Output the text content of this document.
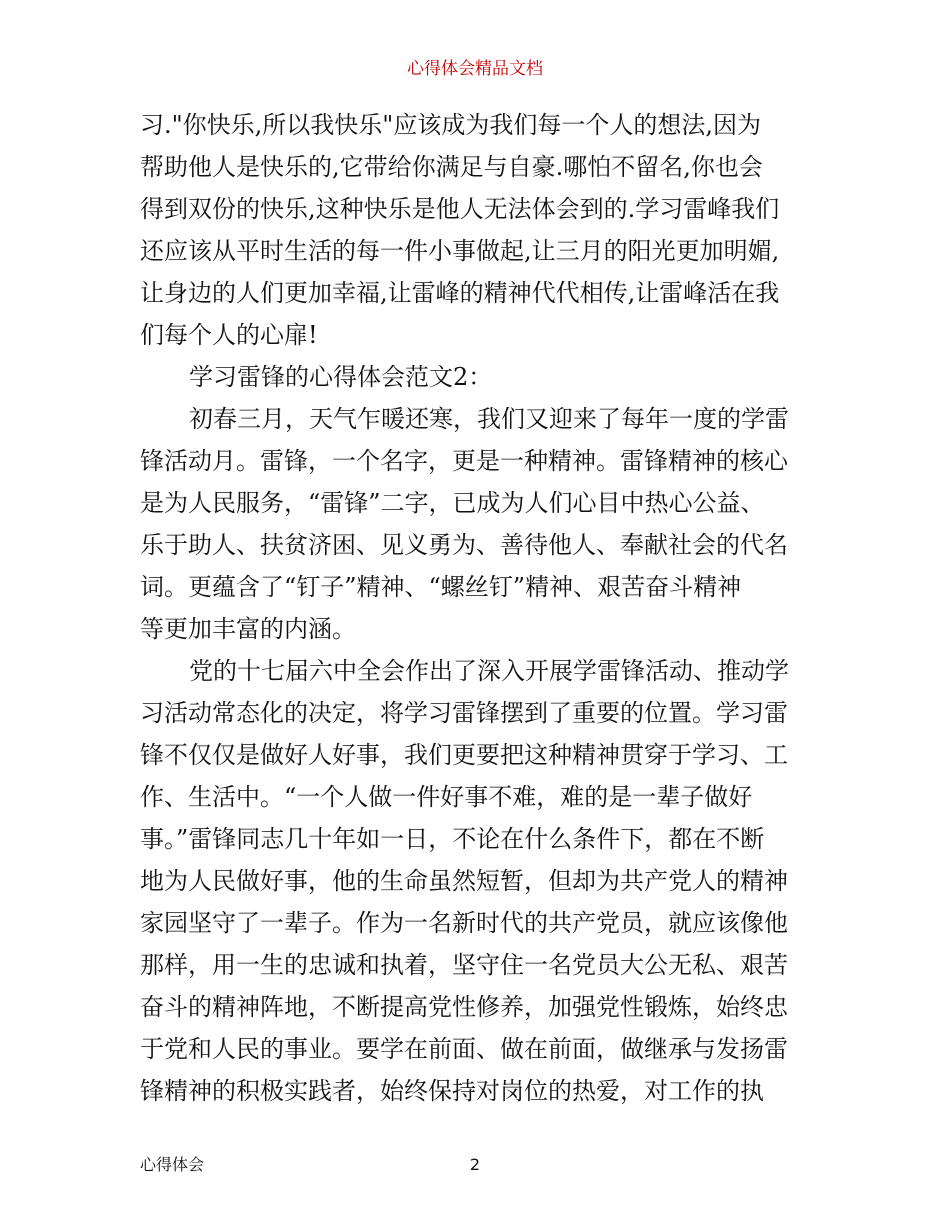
心得体会精品文档
习."你快乐,所以我快乐"应该成为我们每一个人的想法,因为
帮助他人是快乐的,它带给你满足与自豪.哪怕不留名,你也会
得到双份的快乐,这种快乐是他人无法体会到的.学习雷峰我们
还应该从平时生活的每一件小事做起,让三月的阳光更加明媚,
让身边的人们更加幸福,让雷峰的精神代代相传,让雷峰活在我
们每个人的心扉!
学习雷锋的心得体会范文2：
初春三月，天气乍暖还寒，我们又迎来了每年一度的学雷
锋活动月。雷锋，一个名字，更是一种精神。雷锋精神的核心
是为人民服务，“雷锋”二字，已成为人们心目中热心公益、
乐于助人、扶贫济困、见义勇为、善待他人、奉献社会的代名
词。更蕴含了“钉子”精神、“螺丝钉”精神、艰苦奋斗精神
等更加丰富的内涵。
党的十七届六中全会作出了深入开展学雷锋活动、推动学
习活动常态化的决定，将学习雷锋摆到了重要的位置。学习雷
锋不仅仅是做好人好事，我们更要把这种精神贯穿于学习、工
作、生活中。“一个人做一件好事不难，难的是一辈子做好
事。”雷锋同志几十年如一日，不论在什么条件下，都在不断
地为人民做好事，他的生命虽然短暂，但却为共产党人的精神
家园坚守了一辈子。作为一名新时代的共产党员，就应该像他
那样，用一生的忠诚和执着，坚守住一名党员大公无私、艰苦
奋斗的精神阵地，不断提高党性修养，加强党性锻炼，始终忠
于党和人民的事业。要学在前面、做在前面，做继承与发扬雷
锋精神的积极实践者，始终保持对岗位的热爱，对工作的执
心得体会	2
